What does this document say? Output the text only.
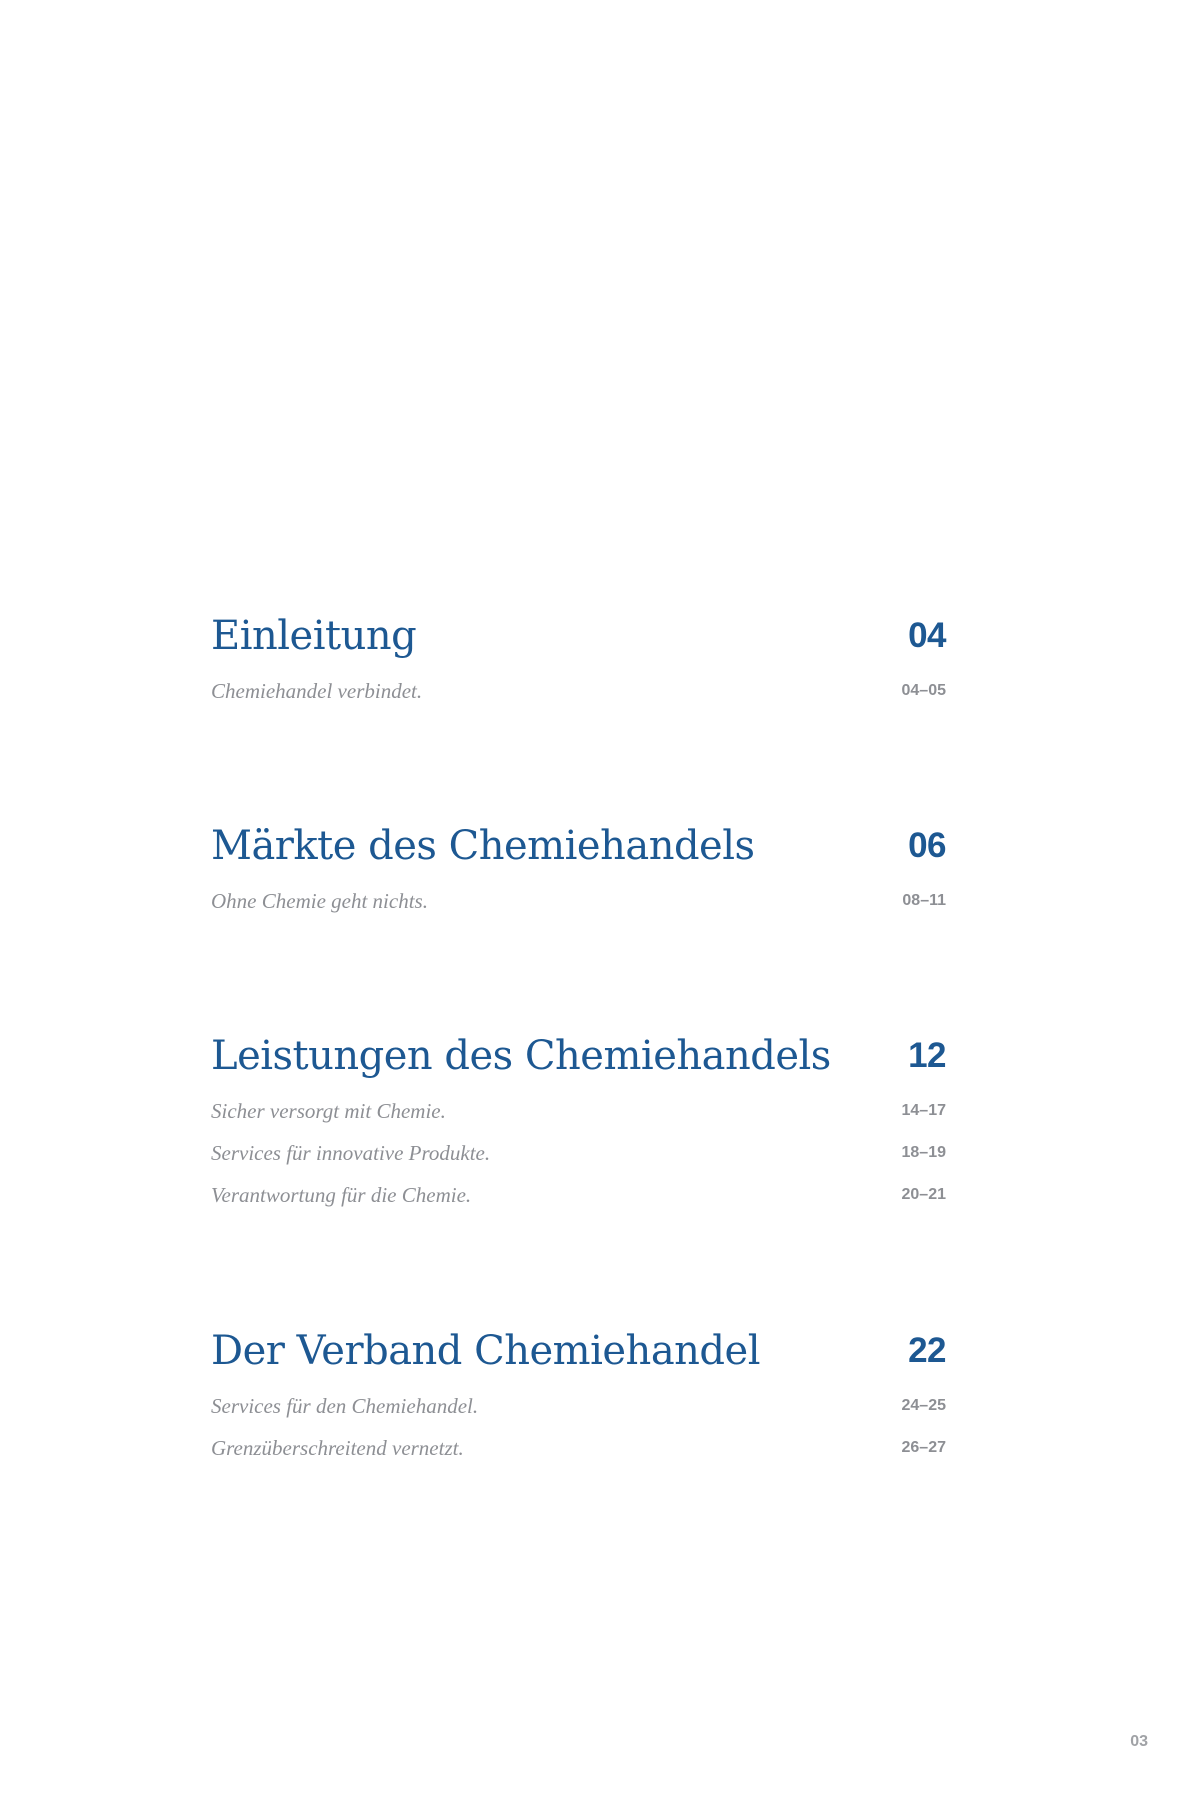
Einleitung	04
Chemiehandel verbindet.	04–05
Märkte des Chemiehandels	06
Ohne Chemie geht nichts.	08–11
Leistungen des Chemiehandels 12
Sicher versorgt mit Chemie.	14–17
Services für innovative Produkte.	18–19
Verantwortung für die Chemie.	20–21
Der Verband Chemiehandel	22
Services für den Chemiehandel.	24–25
Grenzüberschreitend vernetzt.	26–27
03
